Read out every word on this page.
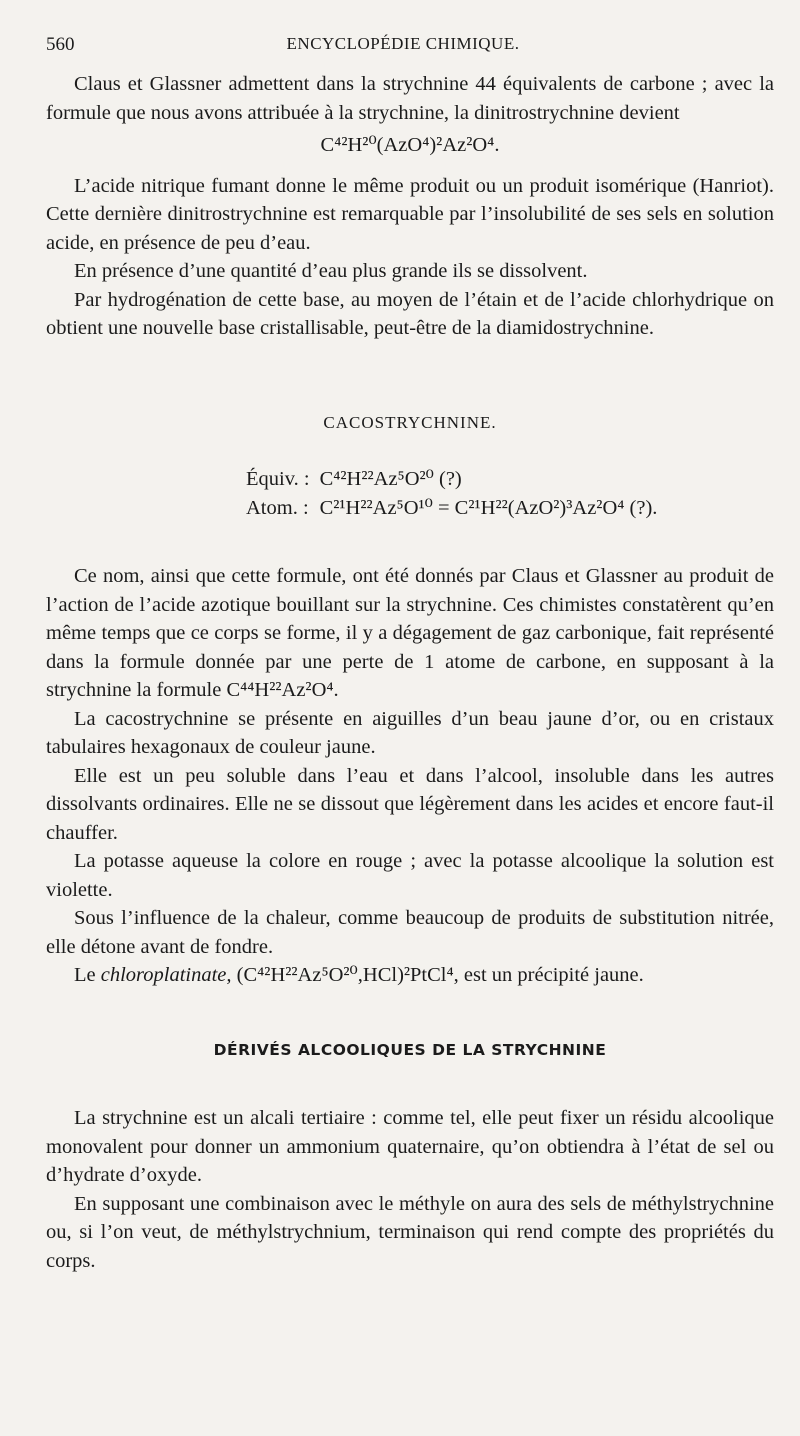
560	ENCYCLOPÉDIE CHIMIQUE.

Claus et Glassner admettent dans la strychnine 44 équivalents de carbone ; avec la formule que nous avons attribuée à la strychnine, la dinitrostrychnine devient

C⁴²H²⁰(AzO⁴)²Az²O⁴.

L’acide nitrique fumant donne le même produit ou un produit isomérique (Hanriot). Cette dernière dinitrostrychnine est remarquable par l’insolubilité de ses sels en solution acide, en présence de peu d’eau.

En présence d’une quantité d’eau plus grande ils se dissolvent.

Par hydrogénation de cette base, au moyen de l’étain et de l’acide chlorhydrique on obtient une nouvelle base cristallisable, peut-être de la diamidostrychnine.

CACOSTRYCHNINE.
Équiv. :	C⁴²H²²Az⁵O²⁰ (?)
Atom. :	C²¹H²²Az⁵O¹⁰ = C²¹H²²(AzO²)³Az²O⁴ (?).

Ce nom, ainsi que cette formule, ont été donnés par Claus et Glassner au produit de l’action de l’acide azotique bouillant sur la strychnine. Ces chimistes constatèrent qu’en même temps que ce corps se forme, il y a dégagement de gaz carbonique, fait représenté dans la formule donnée par une perte de 1 atome de carbone, en supposant à la strychnine la formule C⁴⁴H²²Az²O⁴.

La cacostrychnine se présente en aiguilles d’un beau jaune d’or, ou en cristaux tabulaires hexagonaux de couleur jaune.

Elle est un peu soluble dans l’eau et dans l’alcool, insoluble dans les autres dissolvants ordinaires. Elle ne se dissout que légèrement dans les acides et encore faut-il chauffer.

La potasse aqueuse la colore en rouge ; avec la potasse alcoolique la solution est violette.

Sous l’influence de la chaleur, comme beaucoup de produits de substitution nitrée, elle détone avant de fondre.

Le chloroplatinate, (C⁴²H²²Az⁵O²⁰,HCl)²PtCl⁴, est un précipité jaune.

DÉRIVÉS ALCOOLIQUES DE LA STRYCHNINE

La strychnine est un alcali tertiaire : comme tel, elle peut fixer un résidu alcoolique monovalent pour donner un ammonium quaternaire, qu’on obtiendra à l’état de sel ou d’hydrate d’oxyde.

En supposant une combinaison avec le méthyle on aura des sels de méthylstrychnine ou, si l’on veut, de méthylstrychnium, terminaison qui rend compte des propriétés du corps.
